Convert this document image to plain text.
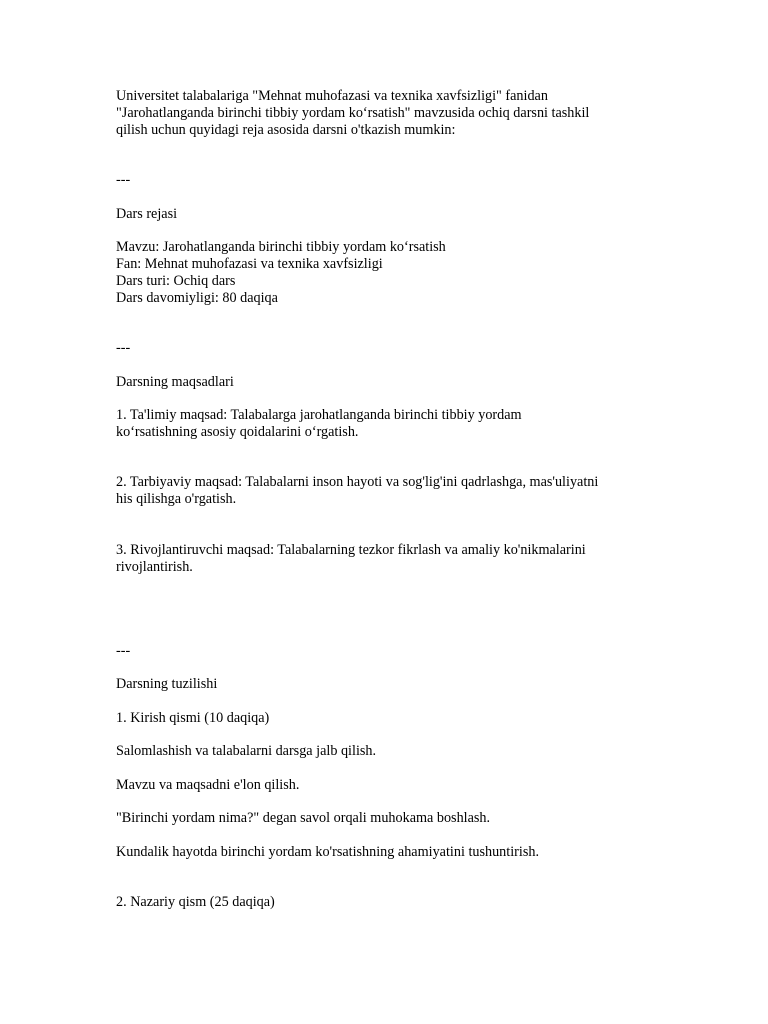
Universitet talabalariga "Mehnat muhofazasi va texnika xavfsizligi" fanidan
"Jarohatlanganda birinchi tibbiy yordam ko‘rsatish" mavzusida ochiq darsni tashkil
qilish uchun quyidagi reja asosida darsni o'tkazish mumkin:
---
Dars rejasi
Mavzu: Jarohatlanganda birinchi tibbiy yordam ko‘rsatish
Fan: Mehnat muhofazasi va texnika xavfsizligi
Dars turi: Ochiq dars
Dars davomiyligi: 80 daqiqa
---
Darsning maqsadlari
1. Ta'limiy maqsad: Talabalarga jarohatlanganda birinchi tibbiy yordam
ko‘rsatishning asosiy qoidalarini o‘rgatish.
2. Tarbiyaviy maqsad: Talabalarni inson hayoti va sog'lig'ini qadrlashga, mas'uliyatni
his qilishga o'rgatish.
3. Rivojlantiruvchi maqsad: Talabalarning tezkor fikrlash va amaliy ko'nikmalarini
rivojlantirish.
---
Darsning tuzilishi
1. Kirish qismi (10 daqiqa)
Salomlashish va talabalarni darsga jalb qilish.
Mavzu va maqsadni e'lon qilish.
"Birinchi yordam nima?" degan savol orqali muhokama boshlash.
Kundalik hayotda birinchi yordam ko'rsatishning ahamiyatini tushuntirish.
2. Nazariy qism (25 daqiqa)
